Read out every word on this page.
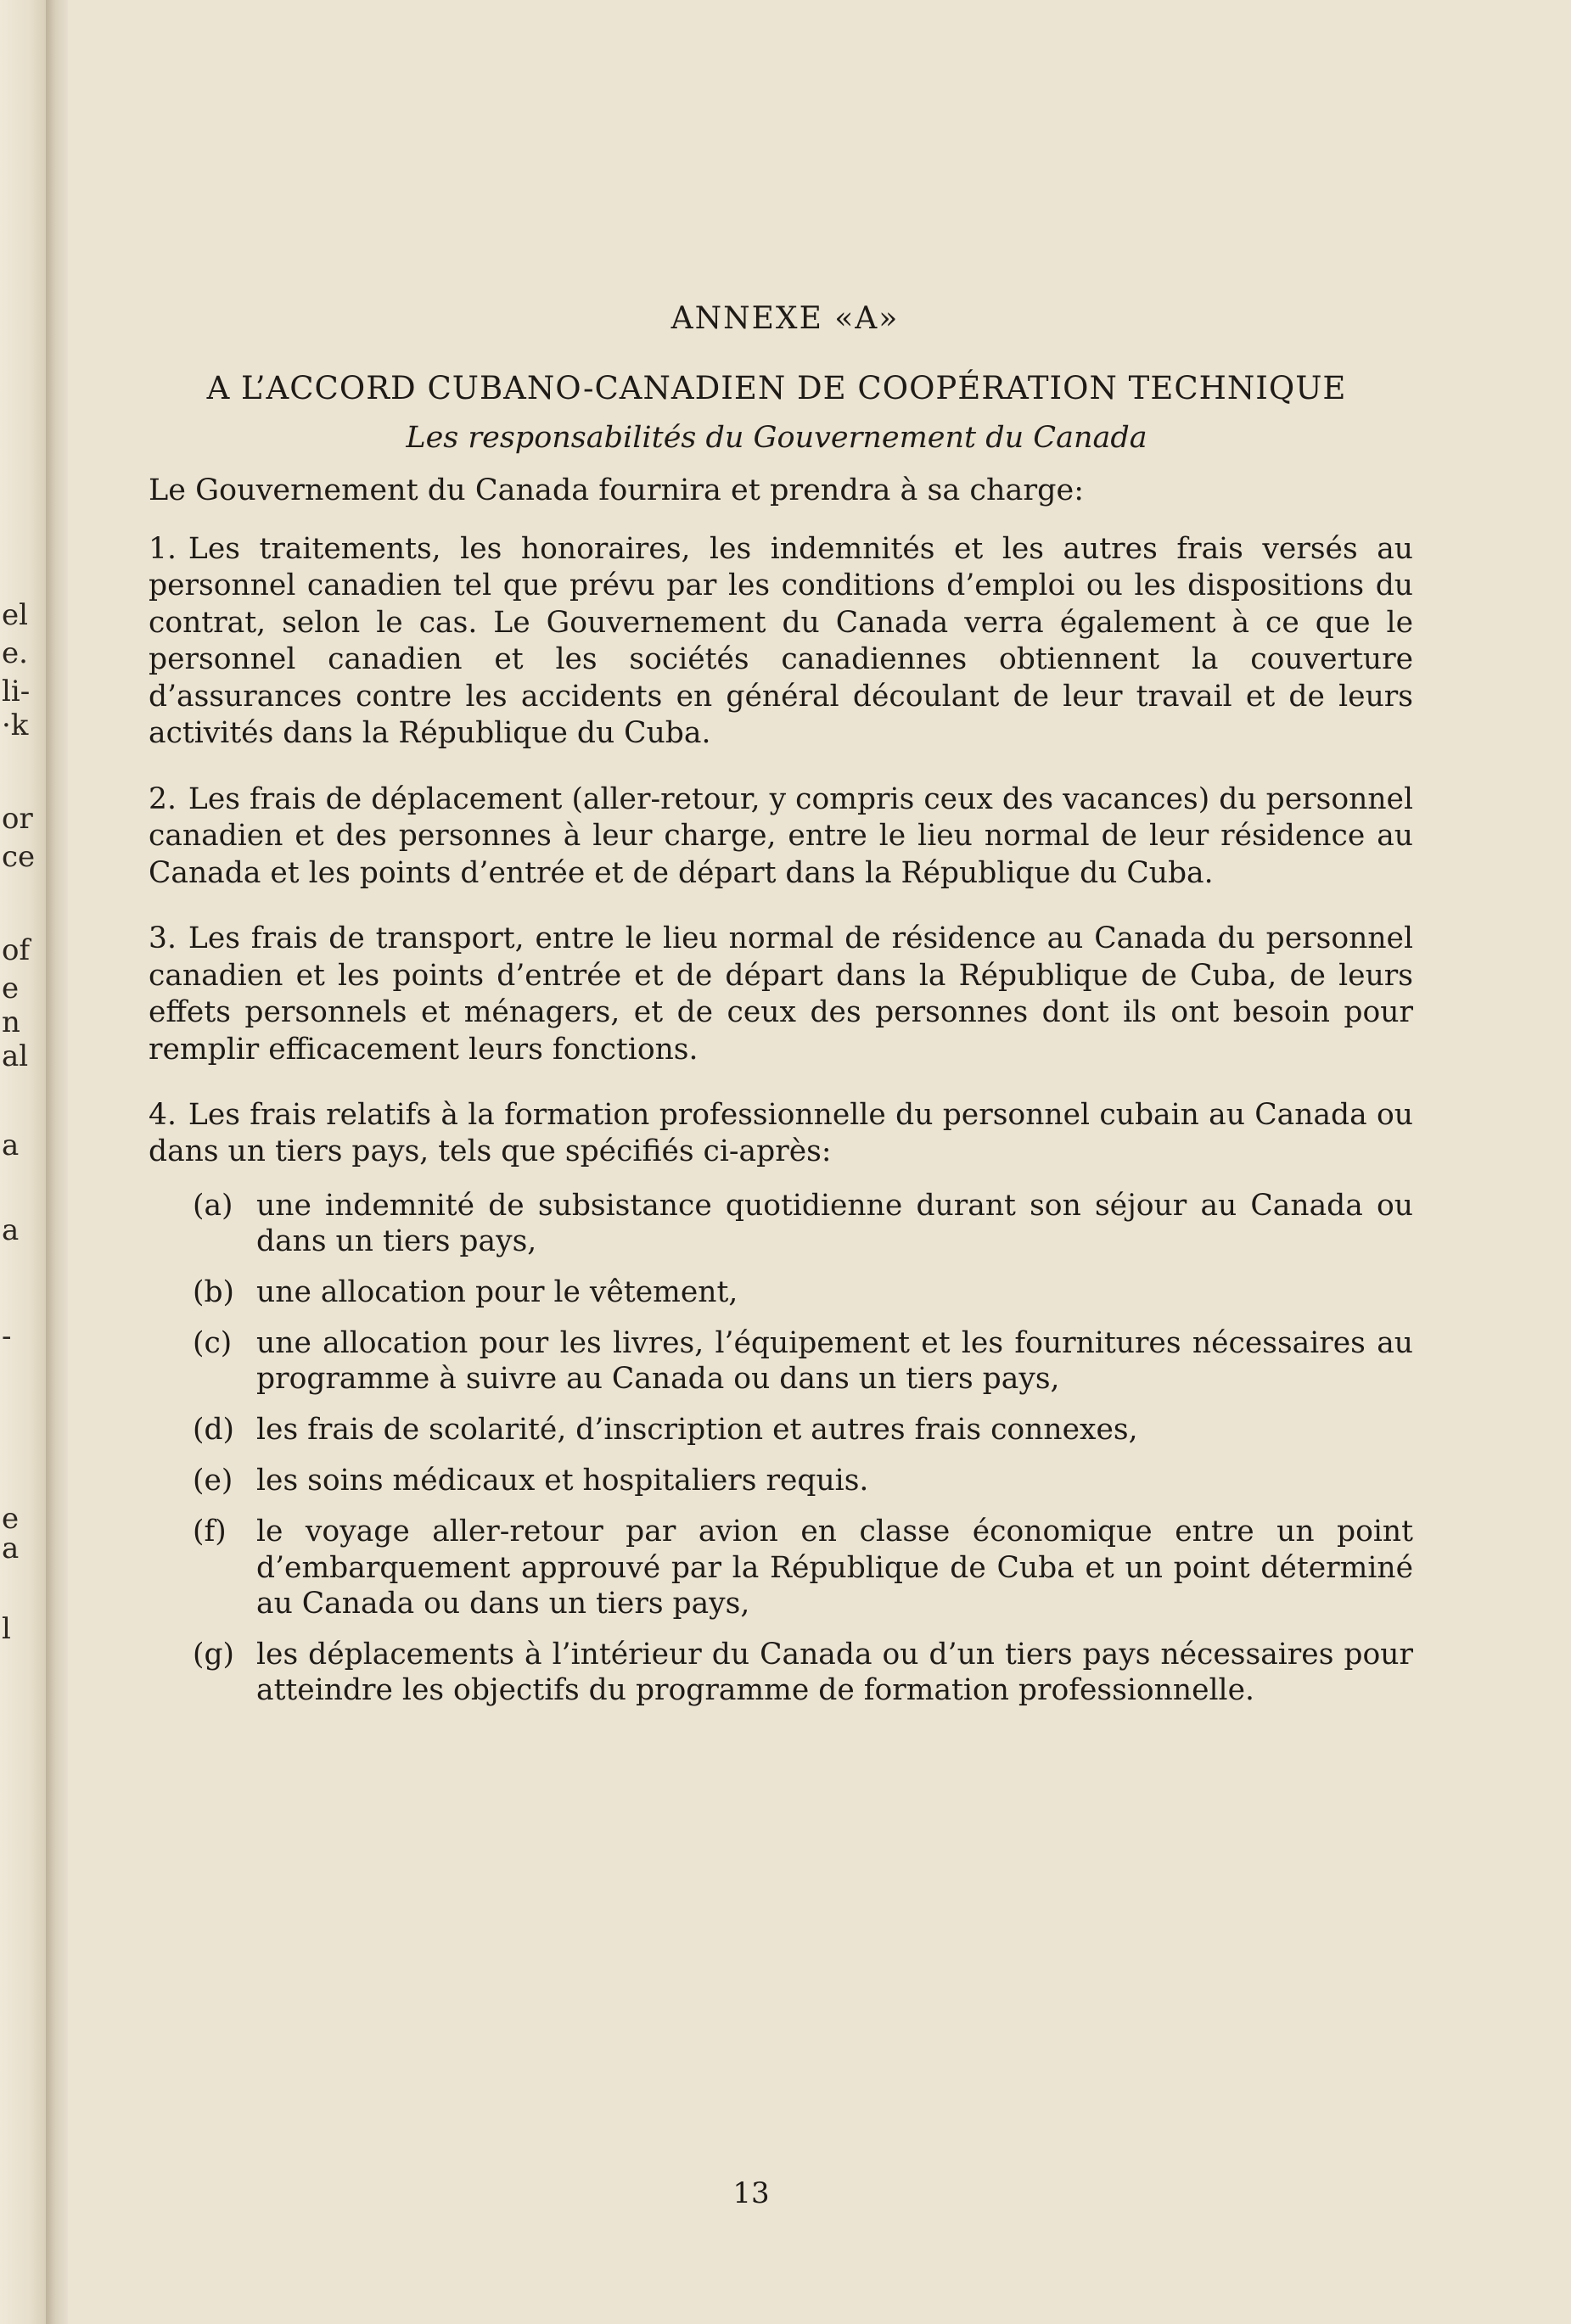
el
e.
li-
·k
or
ce
of
e
n
al
a
a
-
e
a
l
ANNEXE «A»
A L’ACCORD CUBANO-CANADIEN DE COOPÉRATION TECHNIQUE
Les responsabilités du Gouvernement du Canada
Le Gouvernement du Canada fournira et prendra à sa charge:

1. Les traitements, les honoraires, les indemnités et les autres frais versés au personnel canadien tel que prévu par les conditions d’emploi ou les dispositions du contrat, selon le cas. Le Gouvernement du Canada verra également à ce que le personnel canadien et les sociétés canadiennes obtiennent la couverture d’assurances contre les accidents en général découlant de leur travail et de leurs activités dans la République du Cuba.

2. Les frais de déplacement (aller-retour, y compris ceux des vacances) du personnel canadien et des personnes à leur charge, entre le lieu normal de leur résidence au Canada et les points d’entrée et de départ dans la République du Cuba.

3. Les frais de transport, entre le lieu normal de résidence au Canada du personnel canadien et les points d’entrée et de départ dans la République de Cuba, de leurs effets personnels et ménagers, et de ceux des personnes dont ils ont besoin pour remplir efficacement leurs fonctions.

4. Les frais relatifs à la formation professionnelle du personnel cubain au Canada ou dans un tiers pays, tels que spécifiés ci-après:

(a) une indemnité de subsistance quotidienne durant son séjour au Canada ou dans un tiers pays,
(b) une allocation pour le vêtement,
(c) une allocation pour les livres, l’équipement et les fournitures nécessaires au programme à suivre au Canada ou dans un tiers pays,
(d) les frais de scolarité, d’inscription et autres frais connexes,
(e) les soins médicaux et hospitaliers requis.
(f) le voyage aller-retour par avion en classe économique entre un point d’embarquement approuvé par la République de Cuba et un point déterminé au Canada ou dans un tiers pays,
(g) les déplacements à l’intérieur du Canada ou d’un tiers pays nécessaires pour atteindre les objectifs du programme de formation professionnelle.
13
